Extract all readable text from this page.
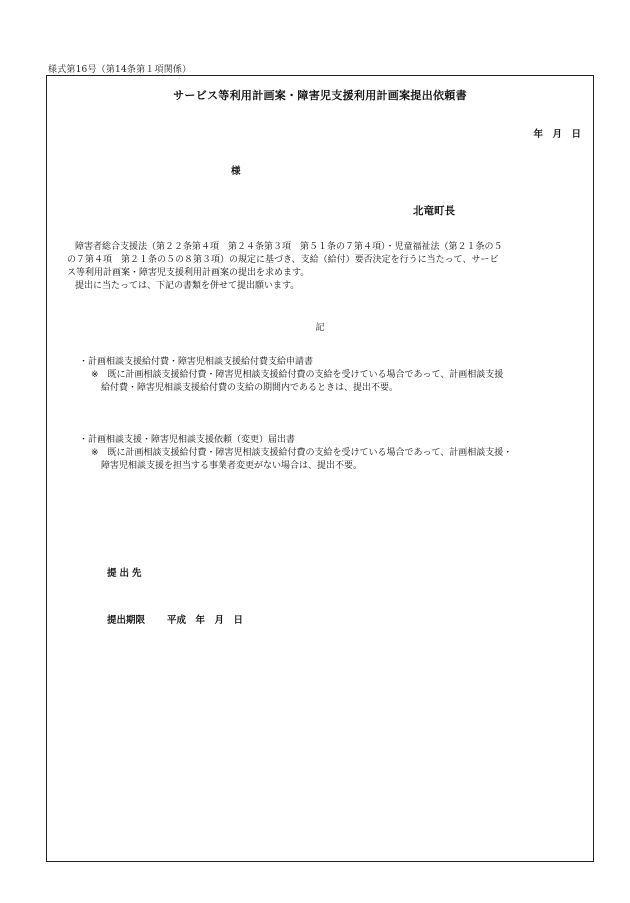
様式第16号（第14条第１項関係）
サービス等利用計画案・障害児支援利用計画案提出依頼書
年　月　日
様
北竜町長
障害者総合支援法（第２２条第４項　第２４条第３項　第５１条の７第４項）・児童福祉法（第２１条の５
の７第４項　第２１条の５の８第３項）の規定に基づき、支給（給付）要否決定を行うに当たって、サービ
ス等利用計画案・障害児支援利用計画案の提出を求めます。
提出に当たっては、下記の書類を併せて提出願います。
記
・計画相談支援給付費・障害児相談支援給付費支給申請書
※　既に計画相談支援給付費・障害児相談支援給付費の支給を受けている場合であって、計画相談支援
給付費・障害児相談支援給付費の支給の期間内であるときは、提出不要。
・計画相談支援・障害児相談支援依頼（変更）届出書
※　既に計画相談支援給付費・障害児相談支援給付費の支給を受けている場合であって、計画相談支援・
障害児相談支援を担当する事業者変更がない場合は、提出不要。
提出先
提出期限 平成　年　月　日
